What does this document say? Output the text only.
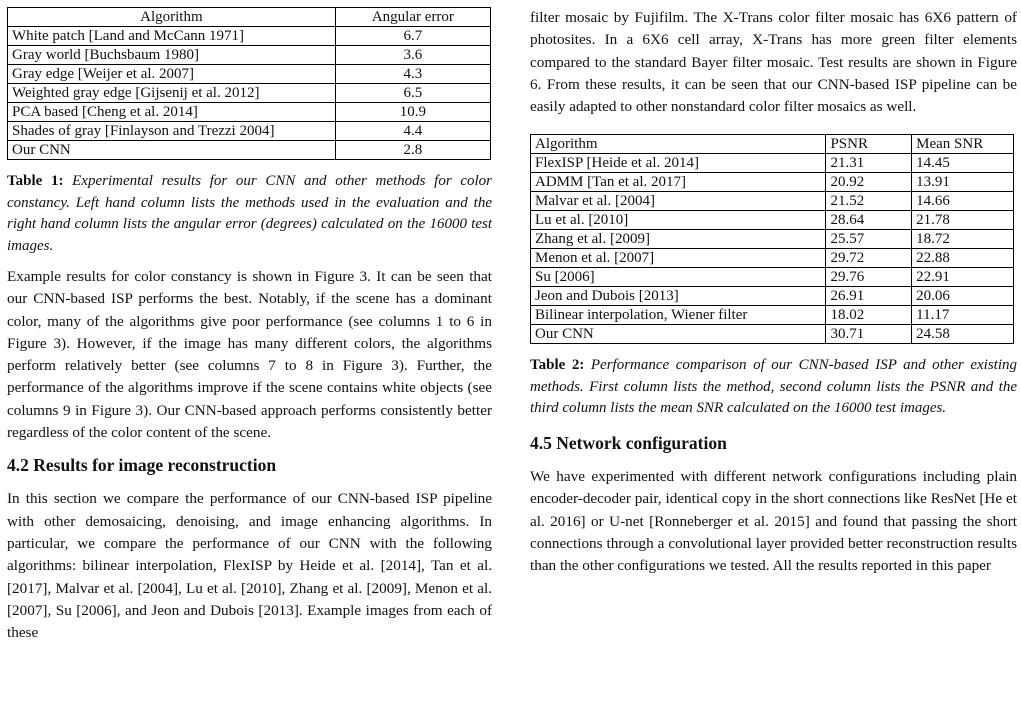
Algorithm	Angular error
White patch [Land and McCann 1971]	6.7
Gray world [Buchsbaum 1980]	3.6
Gray edge [Weijer et al. 2007]	4.3
Weighted gray edge [Gijsenij et al. 2012]	6.5
PCA based [Cheng et al. 2014]	10.9
Shades of gray [Finlayson and Trezzi 2004]	4.4
Our CNN	2.8

Table 1: Experimental results for our CNN and other methods for color constancy. Left hand column lists the methods used in the evaluation and the right hand column lists the angular error (degrees) calculated on the 16000 test images.

Example results for color constancy is shown in Figure 3. It can be seen that our CNN-based ISP performs the best. Notably, if the scene has a dominant color, many of the algorithms give poor performance (see columns 1 to 6 in Figure 3). However, if the image has many different colors, the algorithms perform relatively better (see columns 7 to 8 in Figure 3). Further, the performance of the algorithms improve if the scene contains white objects (see columns 9 in Figure 3). Our CNN-based approach performs consistently better regardless of the color content of the scene.

4.2 Results for image reconstruction

In this section we compare the performance of our CNN-based ISP pipeline with other demosaicing, denoising, and image enhancing algorithms. In particular, we compare the performance of our CNN with the following algorithms: bilinear interpolation, FlexISP by Heide et al. [2014], Tan et al. [2017], Malvar et al. [2004], Lu et al. [2010], Zhang et al. [2009], Menon et al. [2007], Su [2006], and Jeon and Dubois [2013]. Example images from each of these

filter mosaic by Fujifilm. The X-Trans color filter mosaic has 6X6 pattern of photosites. In a 6X6 cell array, X-Trans has more green filter elements compared to the standard Bayer filter mosaic. Test results are shown in Figure 6. From these results, it can be seen that our CNN-based ISP pipeline can be easily adapted to other nonstandard color filter mosaics as well.

Algorithm	PSNR	Mean SNR
FlexISP [Heide et al. 2014]	21.31	14.45
ADMM [Tan et al. 2017]	20.92	13.91
Malvar et al. [2004]	21.52	14.66
Lu et al. [2010]	28.64	21.78
Zhang et al. [2009]	25.57	18.72
Menon et al. [2007]	29.72	22.88
Su [2006]	29.76	22.91
Jeon and Dubois [2013]	26.91	20.06
Bilinear interpolation, Wiener filter	18.02	11.17
Our CNN	30.71	24.58

Table 2: Performance comparison of our CNN-based ISP and other existing methods. First column lists the method, second column lists the PSNR and the third column lists the mean SNR calculated on the 16000 test images.

4.5 Network configuration

We have experimented with different network configurations including plain encoder-decoder pair, identical copy in the short connections like ResNet [He et al. 2016] or U-net [Ronneberger et al. 2015] and found that passing the short connections through a convolutional layer provided better reconstruction results than the other configurations we tested. All the results reported in this paper
